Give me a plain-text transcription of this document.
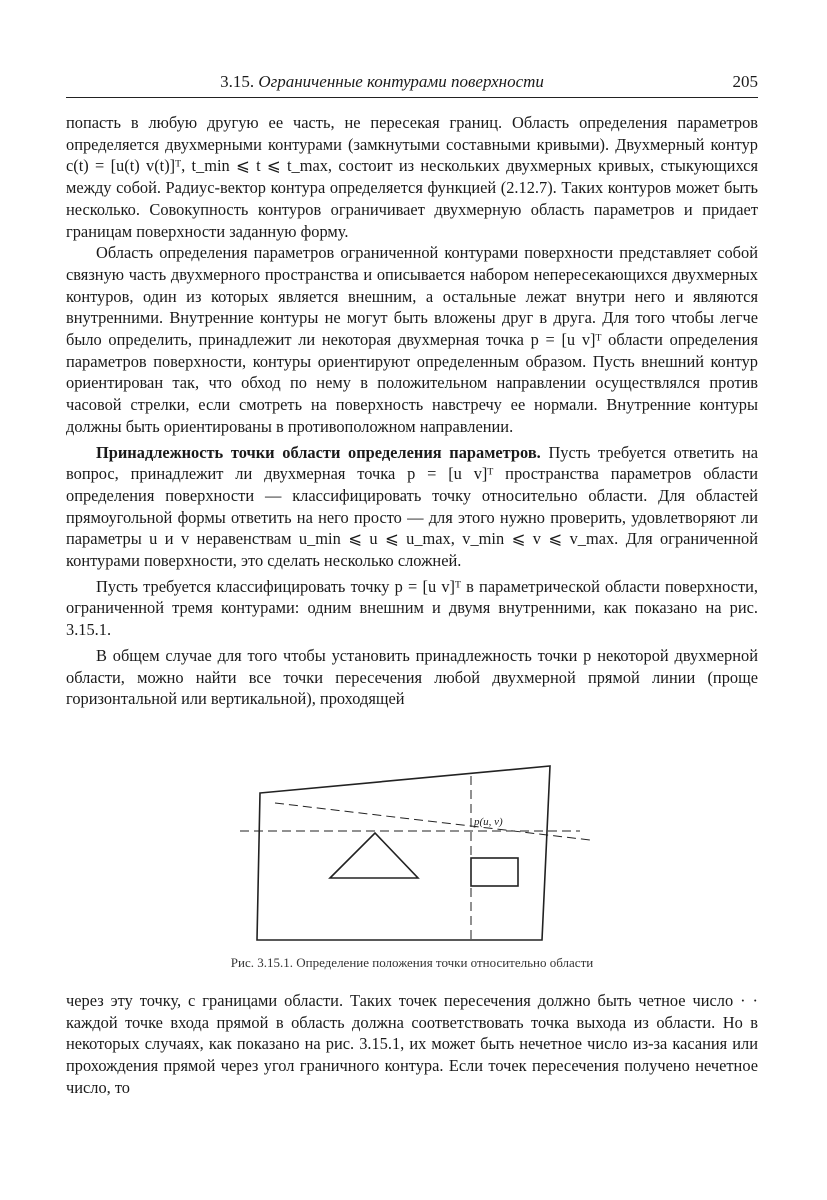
3.15. Ограниченные контурами поверхности	205

попасть в любую другую ее часть, не пересекая границ. Область определения параметров определяется двухмерными контурами (замкнутыми составными кривыми). Двухмерный контур c(t) = [u(t) v(t)]ᵀ, t_min ⩽ t ⩽ t_max, состоит из нескольких двухмерных кривых, стыкующихся между собой. Радиус-вектор контура определяется функцией (2.12.7). Таких контуров может быть несколько. Совокупность контуров ограничивает двухмерную область параметров и придает границам поверхности заданную форму.

Область определения параметров ограниченной контурами поверхности представляет собой связную часть двухмерного пространства и описывается набором непересекающихся двухмерных контуров, один из которых является внешним, а остальные лежат внутри него и являются внутренними. Внутренние контуры не могут быть вложены друг в друга. Для того чтобы легче было определить, принадлежит ли некоторая двухмерная точка p = [u v]ᵀ области определения параметров поверхности, контуры ориентируют определенным образом. Пусть внешний контур ориентирован так, что обход по нему в положительном направлении осуществлялся против часовой стрелки, если смотреть на поверхность навстречу ее нормали. Внутренние контуры должны быть ориентированы в противоположном направлении.

Принадлежность точки области определения параметров. Пусть требуется ответить на вопрос, принадлежит ли двухмерная точка p = [u v]ᵀ пространства параметров области определения поверхности — классифицировать точку относительно области. Для областей прямоугольной формы ответить на него просто — для этого нужно проверить, удовлетворяют ли параметры u и v неравенствам u_min ⩽ u ⩽ u_max, v_min ⩽ v ⩽ v_max. Для ограниченной контурами поверхности, это сделать несколько сложней.

Пусть требуется классифицировать точку p = [u v]ᵀ в параметрической области поверхности, ограниченной тремя контурами: одним внешним и двумя внутренними, как показано на рис. 3.15.1.

В общем случае для того чтобы установить принадлежность точки p некоторой двухмерной области, можно найти все точки пересечения любой двухмерной прямой линии (проще горизонтальной или вертикальной), проходящей

p(u, v)
Рис. 3.15.1. Определение положения точки относительно области

через эту точку, с границами области. Таких точек пересечения должно быть четное число · · каждой точке входа прямой в область должна соответствовать точка выхода из области. Но в некоторых случаях, как показано на рис. 3.15.1, их может быть нечетное число из-за касания или прохождения прямой через угол граничного контура. Если точек пересечения получено нечетное число, то
